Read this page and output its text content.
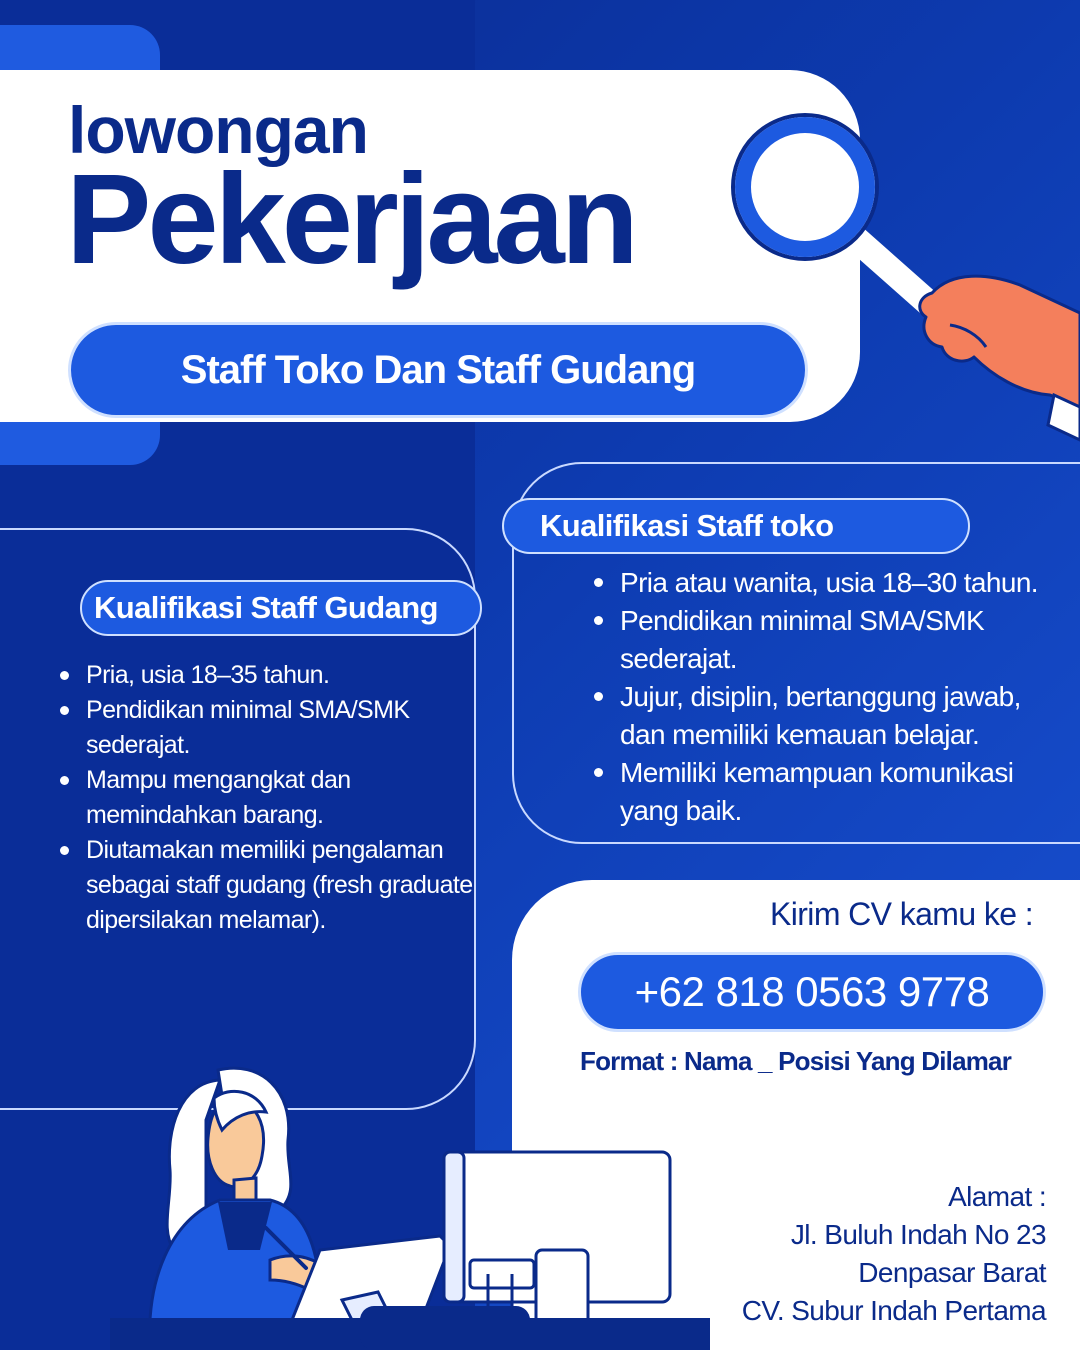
lowongan
Pekerjaan
Staff Toko Dan Staff Gudang
Kualifikasi Staff Gudang
Kualifikasi Staff toko
Pria, usia 18–35 tahun.
Pendidikan minimal SMA/SMK sederajat.
Mampu mengangkat dan memindahkan barang.
Diutamakan memiliki pengalaman sebagai staff gudang (fresh graduate dipersilakan melamar).
Pria atau wanita, usia 18–30 tahun.
Pendidikan minimal SMA/SMK sederajat.
Jujur, disiplin, bertanggung jawab, dan memiliki kemauan belajar.
Memiliki kemampuan komunikasi yang baik.
Kirim CV kamu ke :
+62 818 0563 9778
Format : Nama _ Posisi Yang Dilamar
Alamat :
Jl. Buluh Indah No 23
Denpasar Barat
CV. Subur Indah Pertama
